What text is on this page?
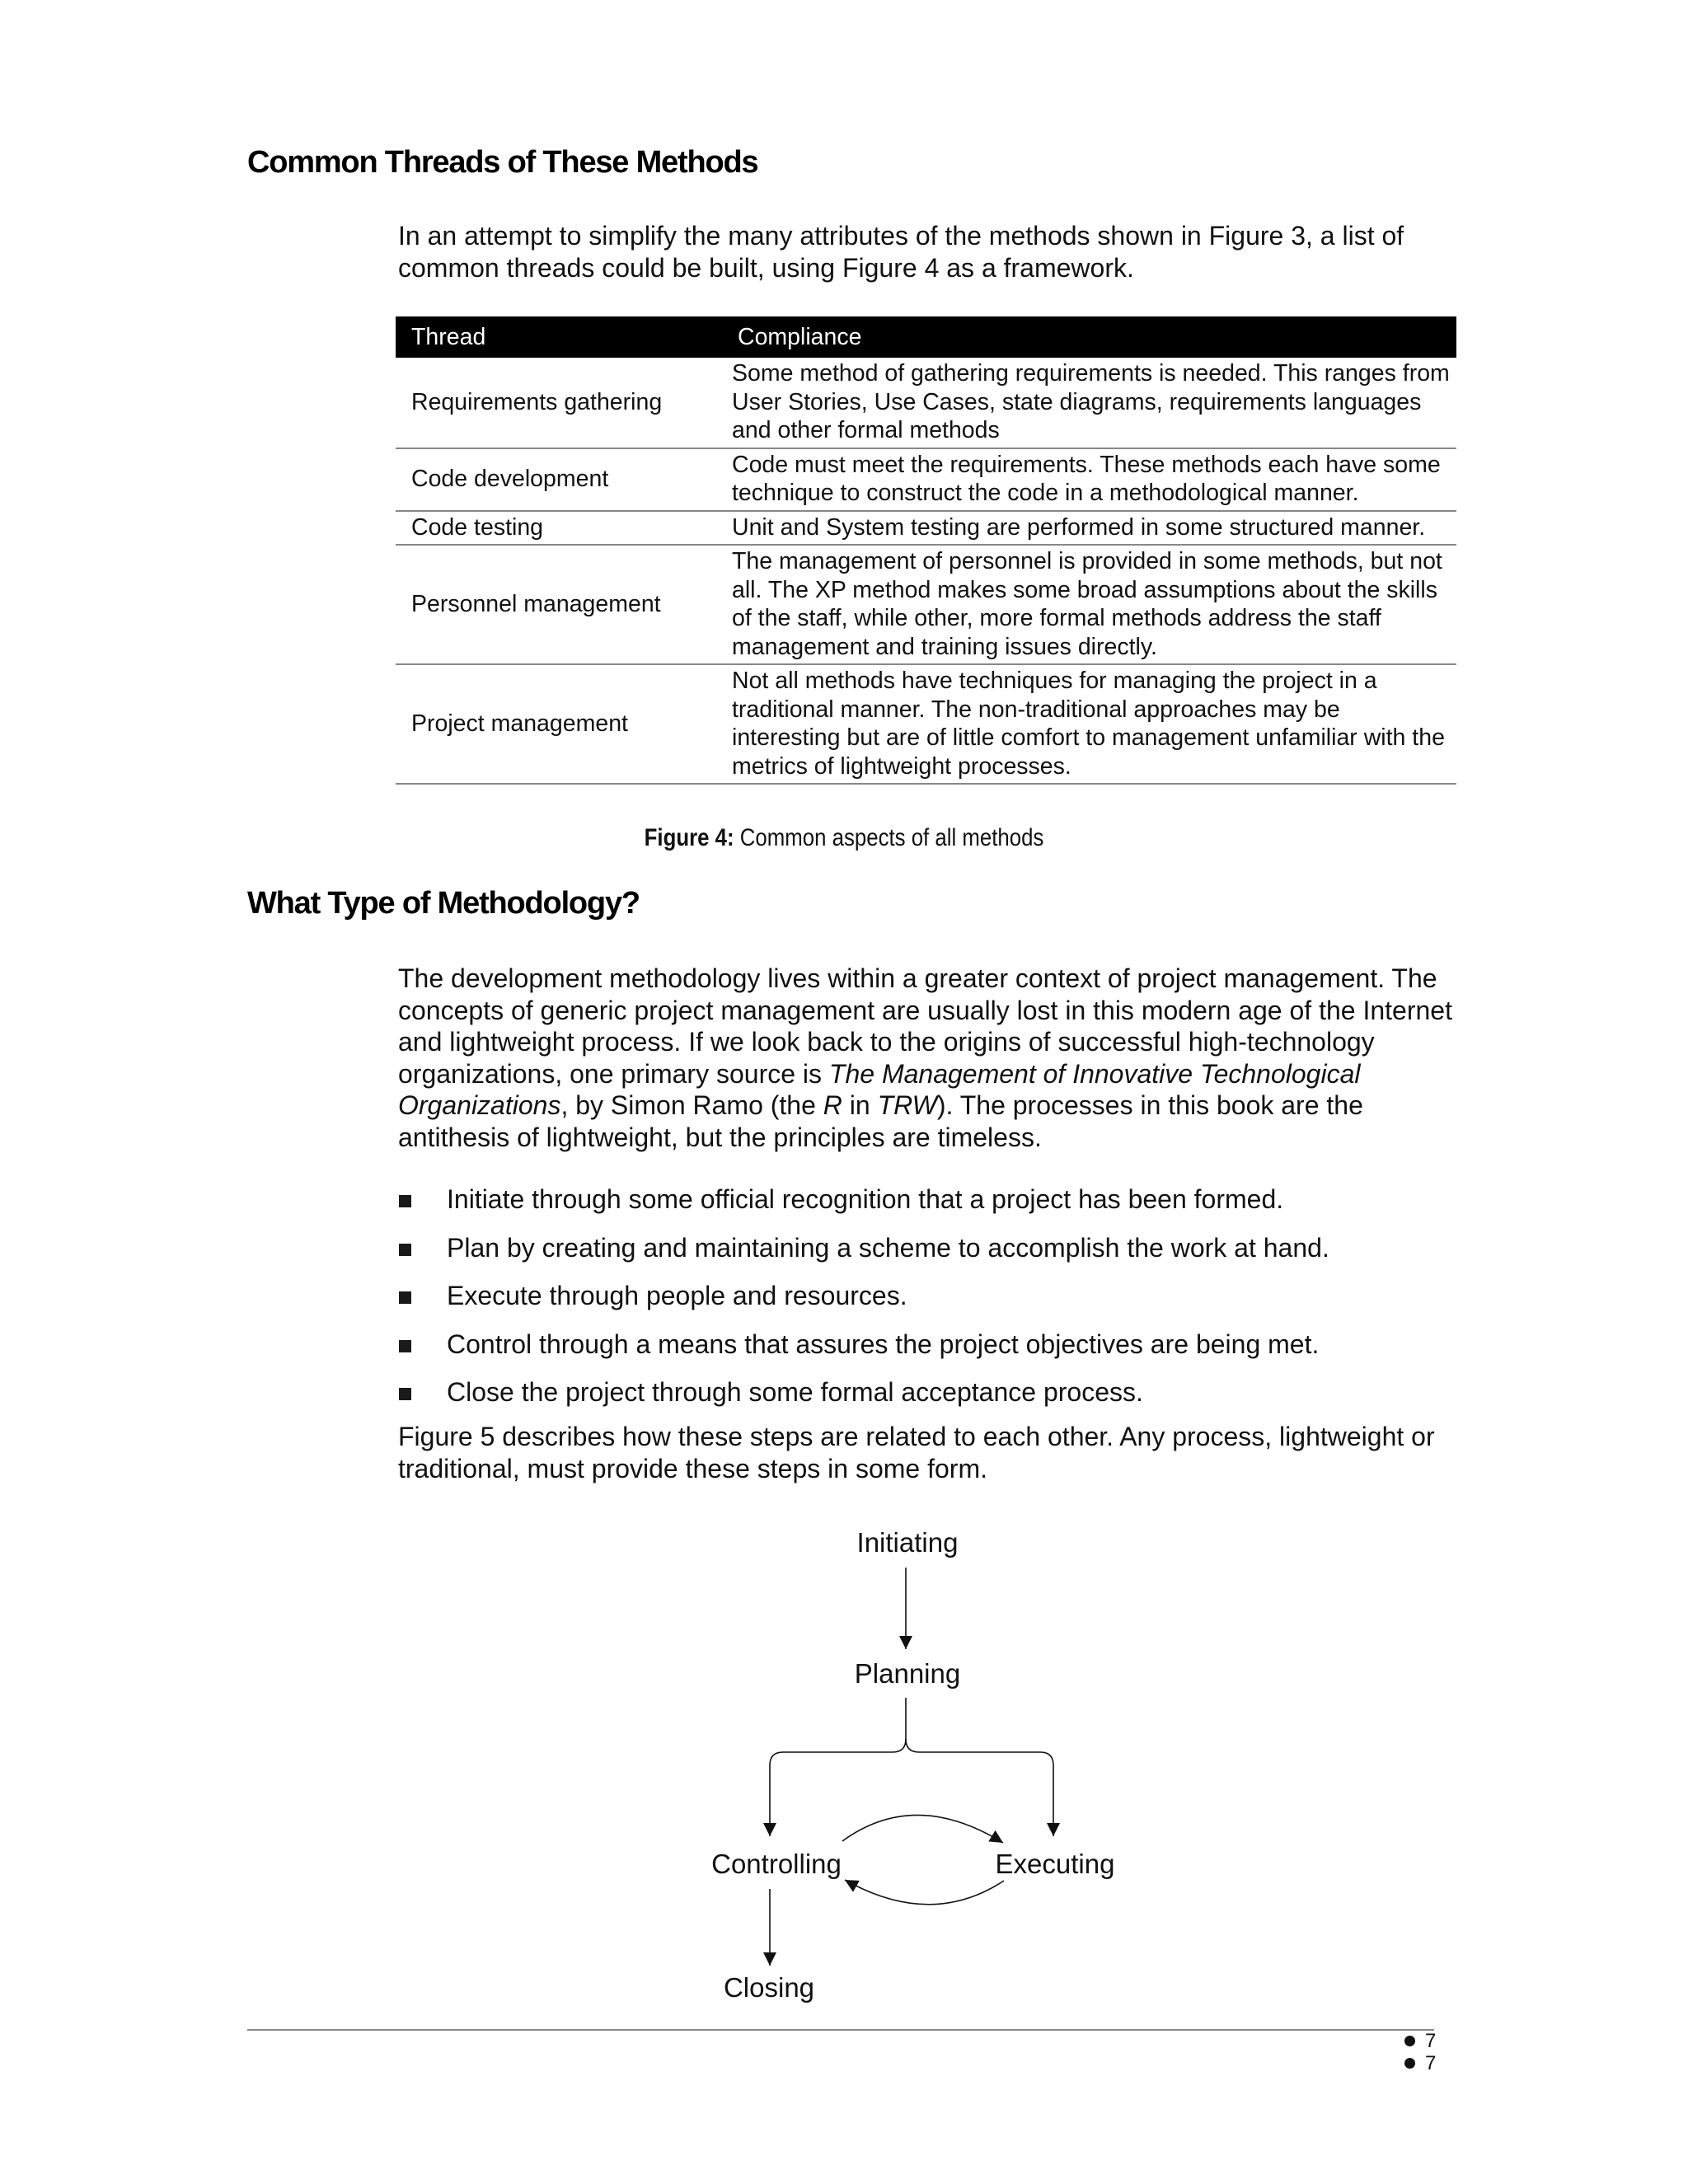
Common Threads of These Methods

In an attempt to simplify the many attributes of the methods shown in Figure 3, a list of common threads could be built, using Figure 4 as a framework.

Thread	Compliance
Requirements gathering	Some method of gathering requirements is needed. This ranges from User Stories, Use Cases, state diagrams, requirements languages and other formal methods
Code development	Code must meet the requirements. These methods each have some technique to construct the code in a methodological manner.
Code testing	Unit and System testing are performed in some structured manner.
Personnel management	The management of personnel is provided in some methods, but not all. The XP method makes some broad assumptions about the skills of the staff, while other, more formal methods address the staff management and training issues directly.
Project management	Not all methods have techniques for managing the project in a traditional manner. The non-traditional approaches may be interesting but are of little comfort to management unfamiliar with the metrics of lightweight processes.
Figure 4: Common aspects of all methods
What Type of Methodology?

The development methodology lives within a greater context of project management. The concepts of generic project management are usually lost in this modern age of the Internet and lightweight process. If we look back to the origins of successful high-technology organizations, one primary source is The Management of Innovative Technological Organizations, by Simon Ramo (the R in TRW). The processes in this book are the antithesis of lightweight, but the principles are timeless.

Initiate through some official recognition that a project has been formed.
Plan by creating and maintaining a scheme to accomplish the work at hand.
Execute through people and resources.
Control through a means that assures the project objectives are being met.
Close the project through some formal acceptance process.

Figure 5 describes how these steps are related to each other. Any process, lightweight or traditional, must provide these steps in some form.

Initiating
Planning
Controlling	Executing
Closing
7
7
